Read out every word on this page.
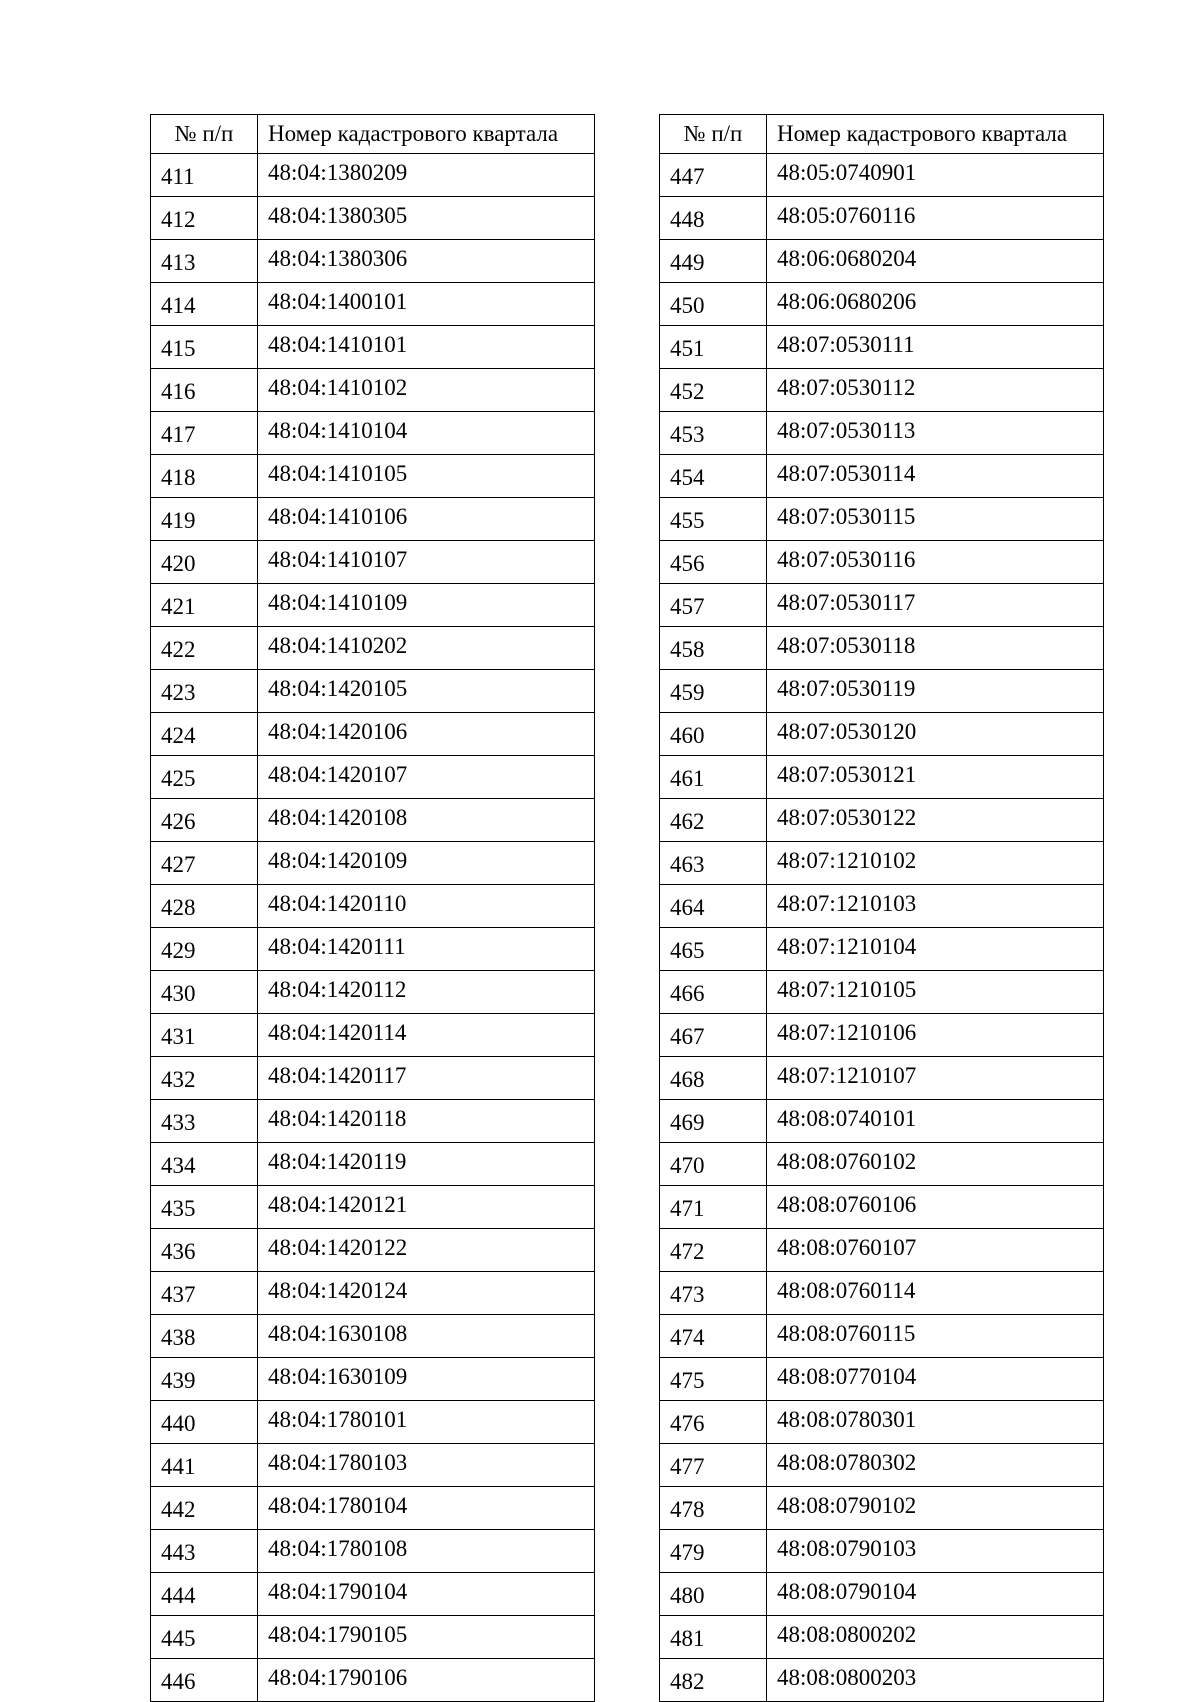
№ п/п	Номер кадастрового квартала
411	48:04:1380209
412	48:04:1380305
413	48:04:1380306
414	48:04:1400101
415	48:04:1410101
416	48:04:1410102
417	48:04:1410104
418	48:04:1410105
419	48:04:1410106
420	48:04:1410107
421	48:04:1410109
422	48:04:1410202
423	48:04:1420105
424	48:04:1420106
425	48:04:1420107
426	48:04:1420108
427	48:04:1420109
428	48:04:1420110
429	48:04:1420111
430	48:04:1420112
431	48:04:1420114
432	48:04:1420117
433	48:04:1420118
434	48:04:1420119
435	48:04:1420121
436	48:04:1420122
437	48:04:1420124
438	48:04:1630108
439	48:04:1630109
440	48:04:1780101
441	48:04:1780103
442	48:04:1780104
443	48:04:1780108
444	48:04:1790104
445	48:04:1790105
446	48:04:1790106
№ п/п	Номер кадастрового квартала
447	48:05:0740901
448	48:05:0760116
449	48:06:0680204
450	48:06:0680206
451	48:07:0530111
452	48:07:0530112
453	48:07:0530113
454	48:07:0530114
455	48:07:0530115
456	48:07:0530116
457	48:07:0530117
458	48:07:0530118
459	48:07:0530119
460	48:07:0530120
461	48:07:0530121
462	48:07:0530122
463	48:07:1210102
464	48:07:1210103
465	48:07:1210104
466	48:07:1210105
467	48:07:1210106
468	48:07:1210107
469	48:08:0740101
470	48:08:0760102
471	48:08:0760106
472	48:08:0760107
473	48:08:0760114
474	48:08:0760115
475	48:08:0770104
476	48:08:0780301
477	48:08:0780302
478	48:08:0790102
479	48:08:0790103
480	48:08:0790104
481	48:08:0800202
482	48:08:0800203
